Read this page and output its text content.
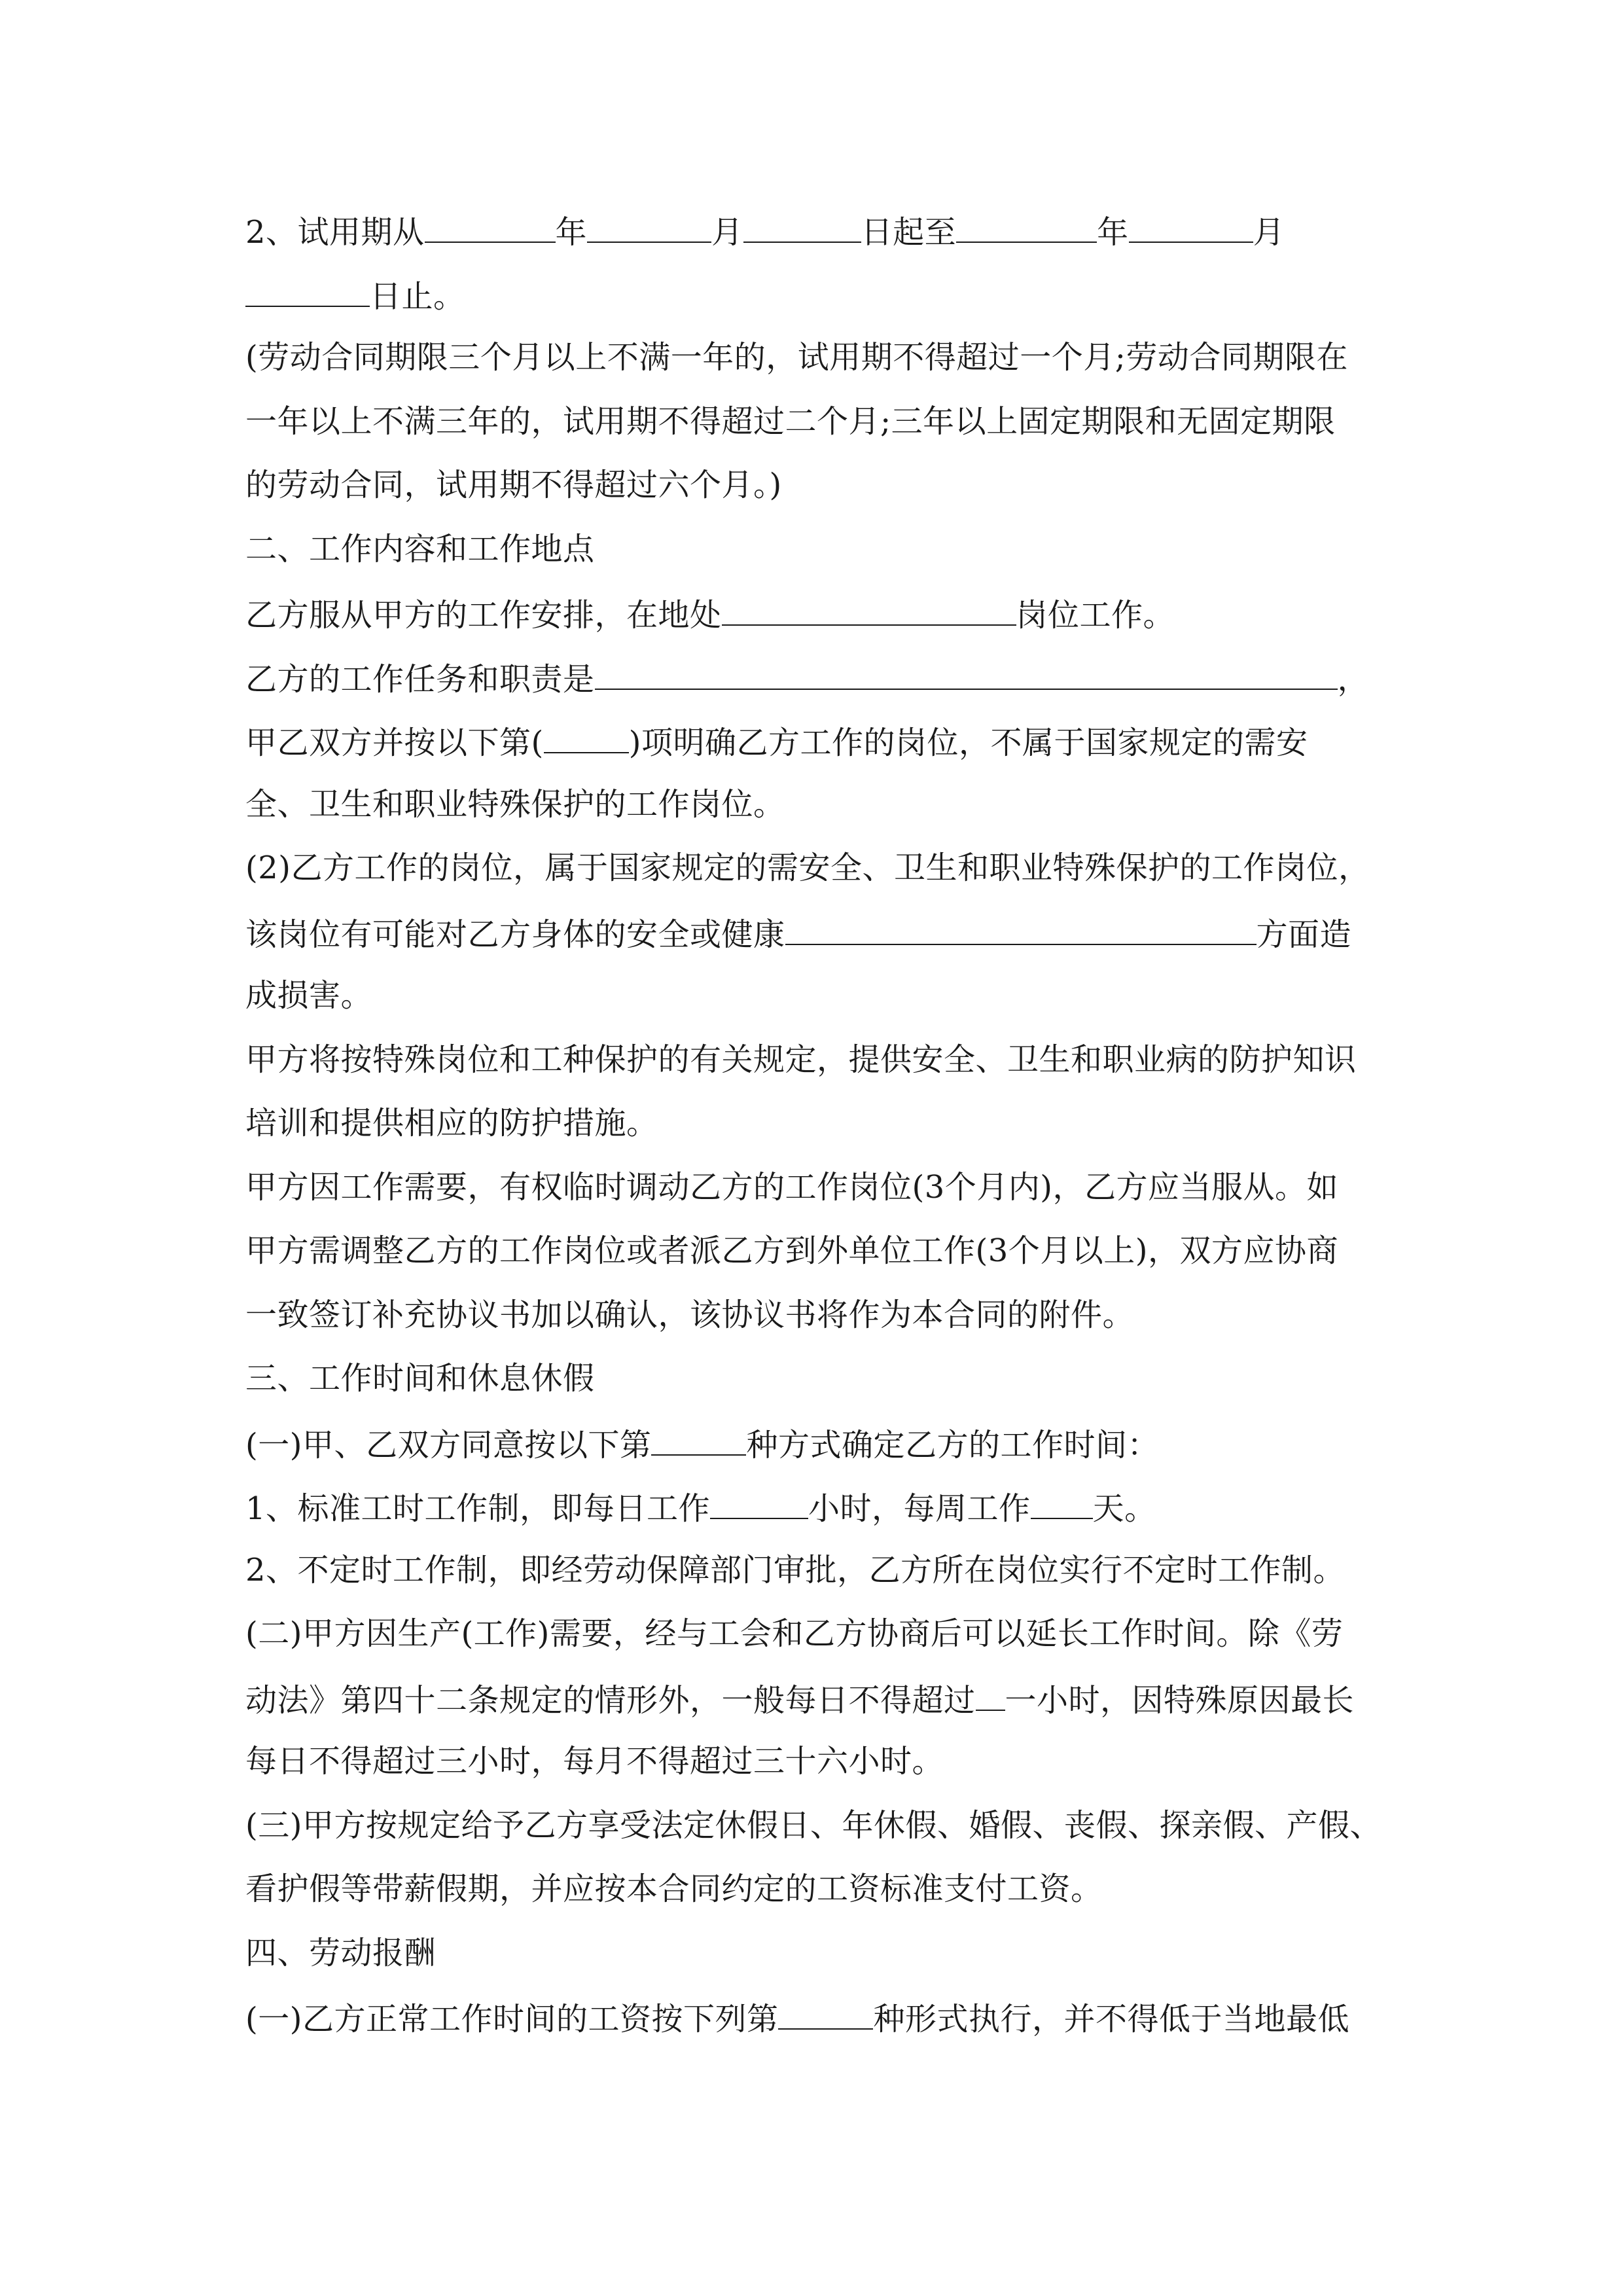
2、试用期从	年	月	日起至	年	月
日止。
(劳动合同期限三个月以上不满一年的，试用期不得超过一个月;劳动合同期限在
一年以上不满三年的，试用期不得超过二个月;三年以上固定期限和无固定期限
的劳动合同，试用期不得超过六个月。)
二、工作内容和工作地点
乙方服从甲方的工作安排，在地处	岗位工作。
乙方的工作任务和职责是	，
甲乙双方并按以下第(	)项明确乙方工作的岗位，不属于国家规定的需安
全、卫生和职业特殊保护的工作岗位。
(2)乙方工作的岗位，属于国家规定的需安全、卫生和职业特殊保护的工作岗位，
该岗位有可能对乙方身体的安全或健康	方面造
成损害。
甲方将按特殊岗位和工种保护的有关规定，提供安全、卫生和职业病的防护知识
培训和提供相应的防护措施。
甲方因工作需要，有权临时调动乙方的工作岗位(3个月内)，乙方应当服从。如
甲方需调整乙方的工作岗位或者派乙方到外单位工作(3个月以上)，双方应协商
一致签订补充协议书加以确认，该协议书将作为本合同的附件。
三、工作时间和休息休假
(一)甲、乙双方同意按以下第	种方式确定乙方的工作时间：
1、标准工时工作制，即每日工作	小时，每周工作 天。
2、不定时工作制，即经劳动保障部门审批，乙方所在岗位实行不定时工作制。
(二)甲方因生产(工作)需要，经与工会和乙方协商后可以延长工作时间。除《劳
动法》第四十二条规定的情形外，一般每日不得超过 一小时，因特殊原因最长
每日不得超过三小时，每月不得超过三十六小时。
(三)甲方按规定给予乙方享受法定休假日、年休假、婚假、丧假、探亲假、产假、
看护假等带薪假期，并应按本合同约定的工资标准支付工资。
四、劳动报酬
(一)乙方正常工作时间的工资按下列第	种形式执行，并不得低于当地最低
